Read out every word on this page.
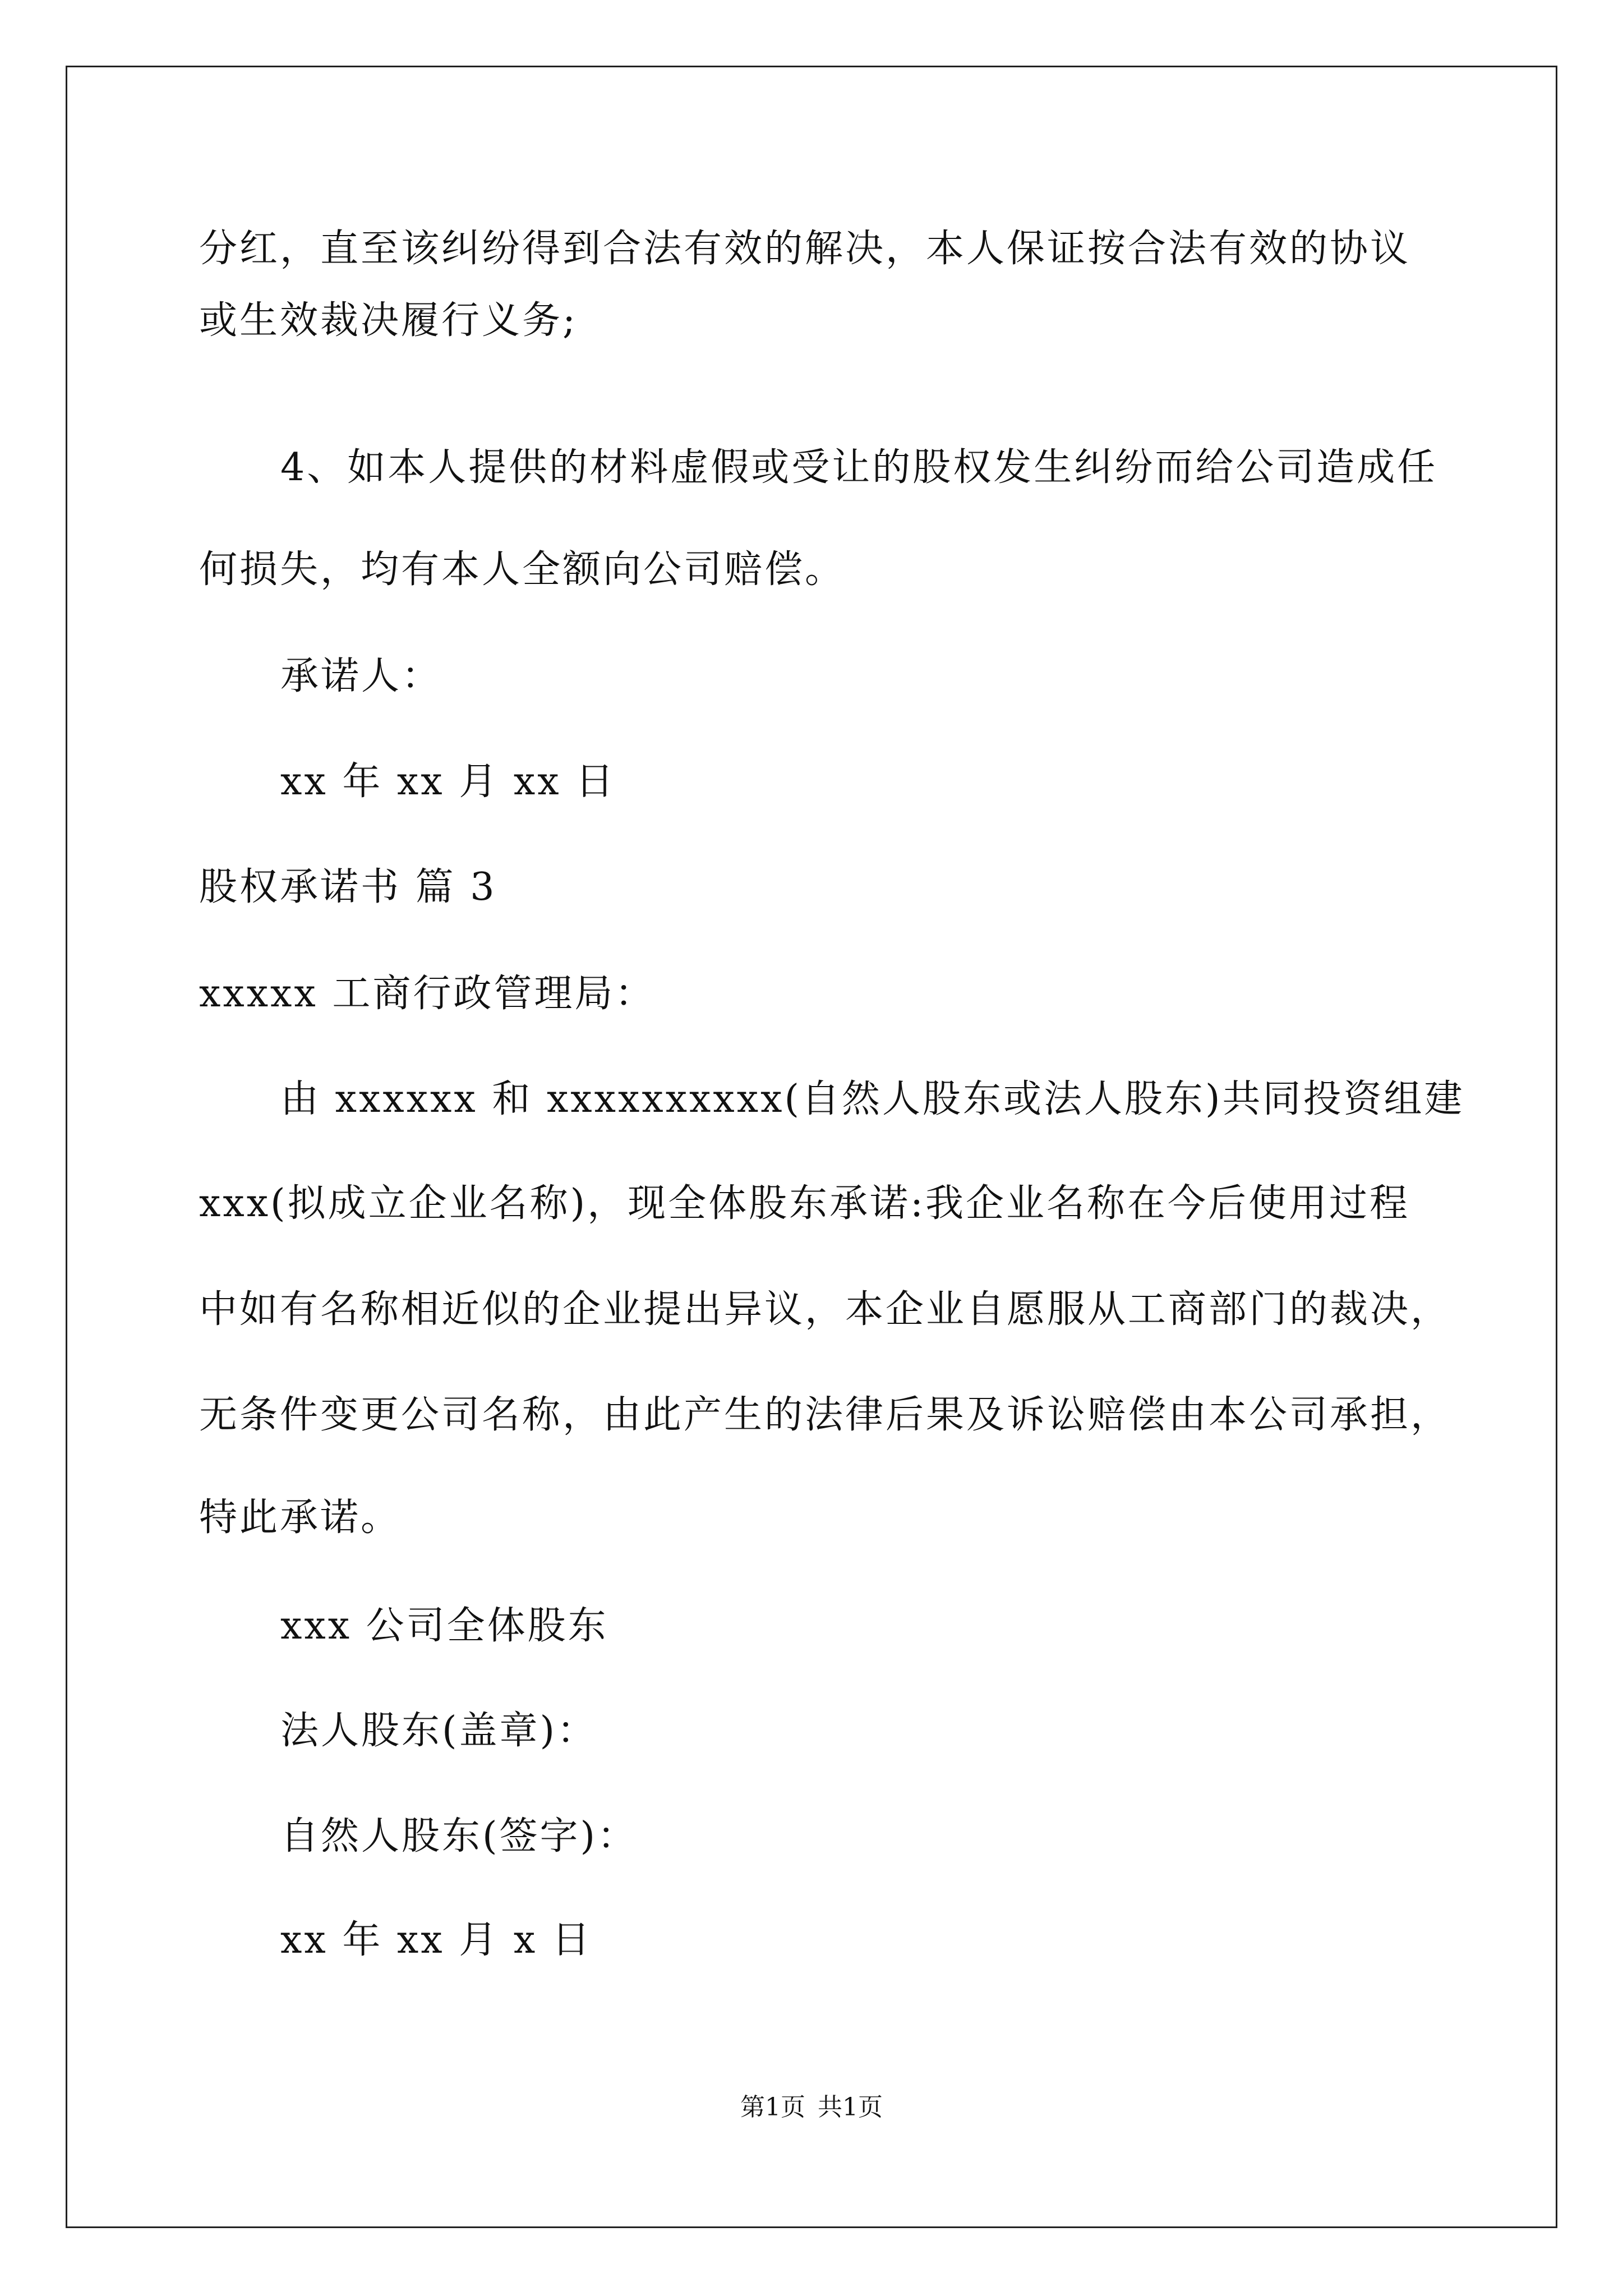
分红，直至该纠纷得到合法有效的解决，本人保证按合法有效的协议
或生效裁决履行义务;
4、如本人提供的材料虚假或受让的股权发生纠纷而给公司造成任
何损失，均有本人全额向公司赔偿。
承诺人：
xx 年 xx 月 xx 日
股权承诺书 篇 3
xxxxx 工商行政管理局：
由 xxxxxx 和 xxxxxxxxxx(自然人股东或法人股东)共同投资组建
xxx(拟成立企业名称)，现全体股东承诺:我企业名称在今后使用过程
中如有名称相近似的企业提出异议，本企业自愿服从工商部门的裁决，
无条件变更公司名称，由此产生的法律后果及诉讼赔偿由本公司承担，
特此承诺。
xxx 公司全体股东
法人股东(盖章)：
自然人股东(签字)：
xx 年 xx 月 x 日
第1页 共1页
